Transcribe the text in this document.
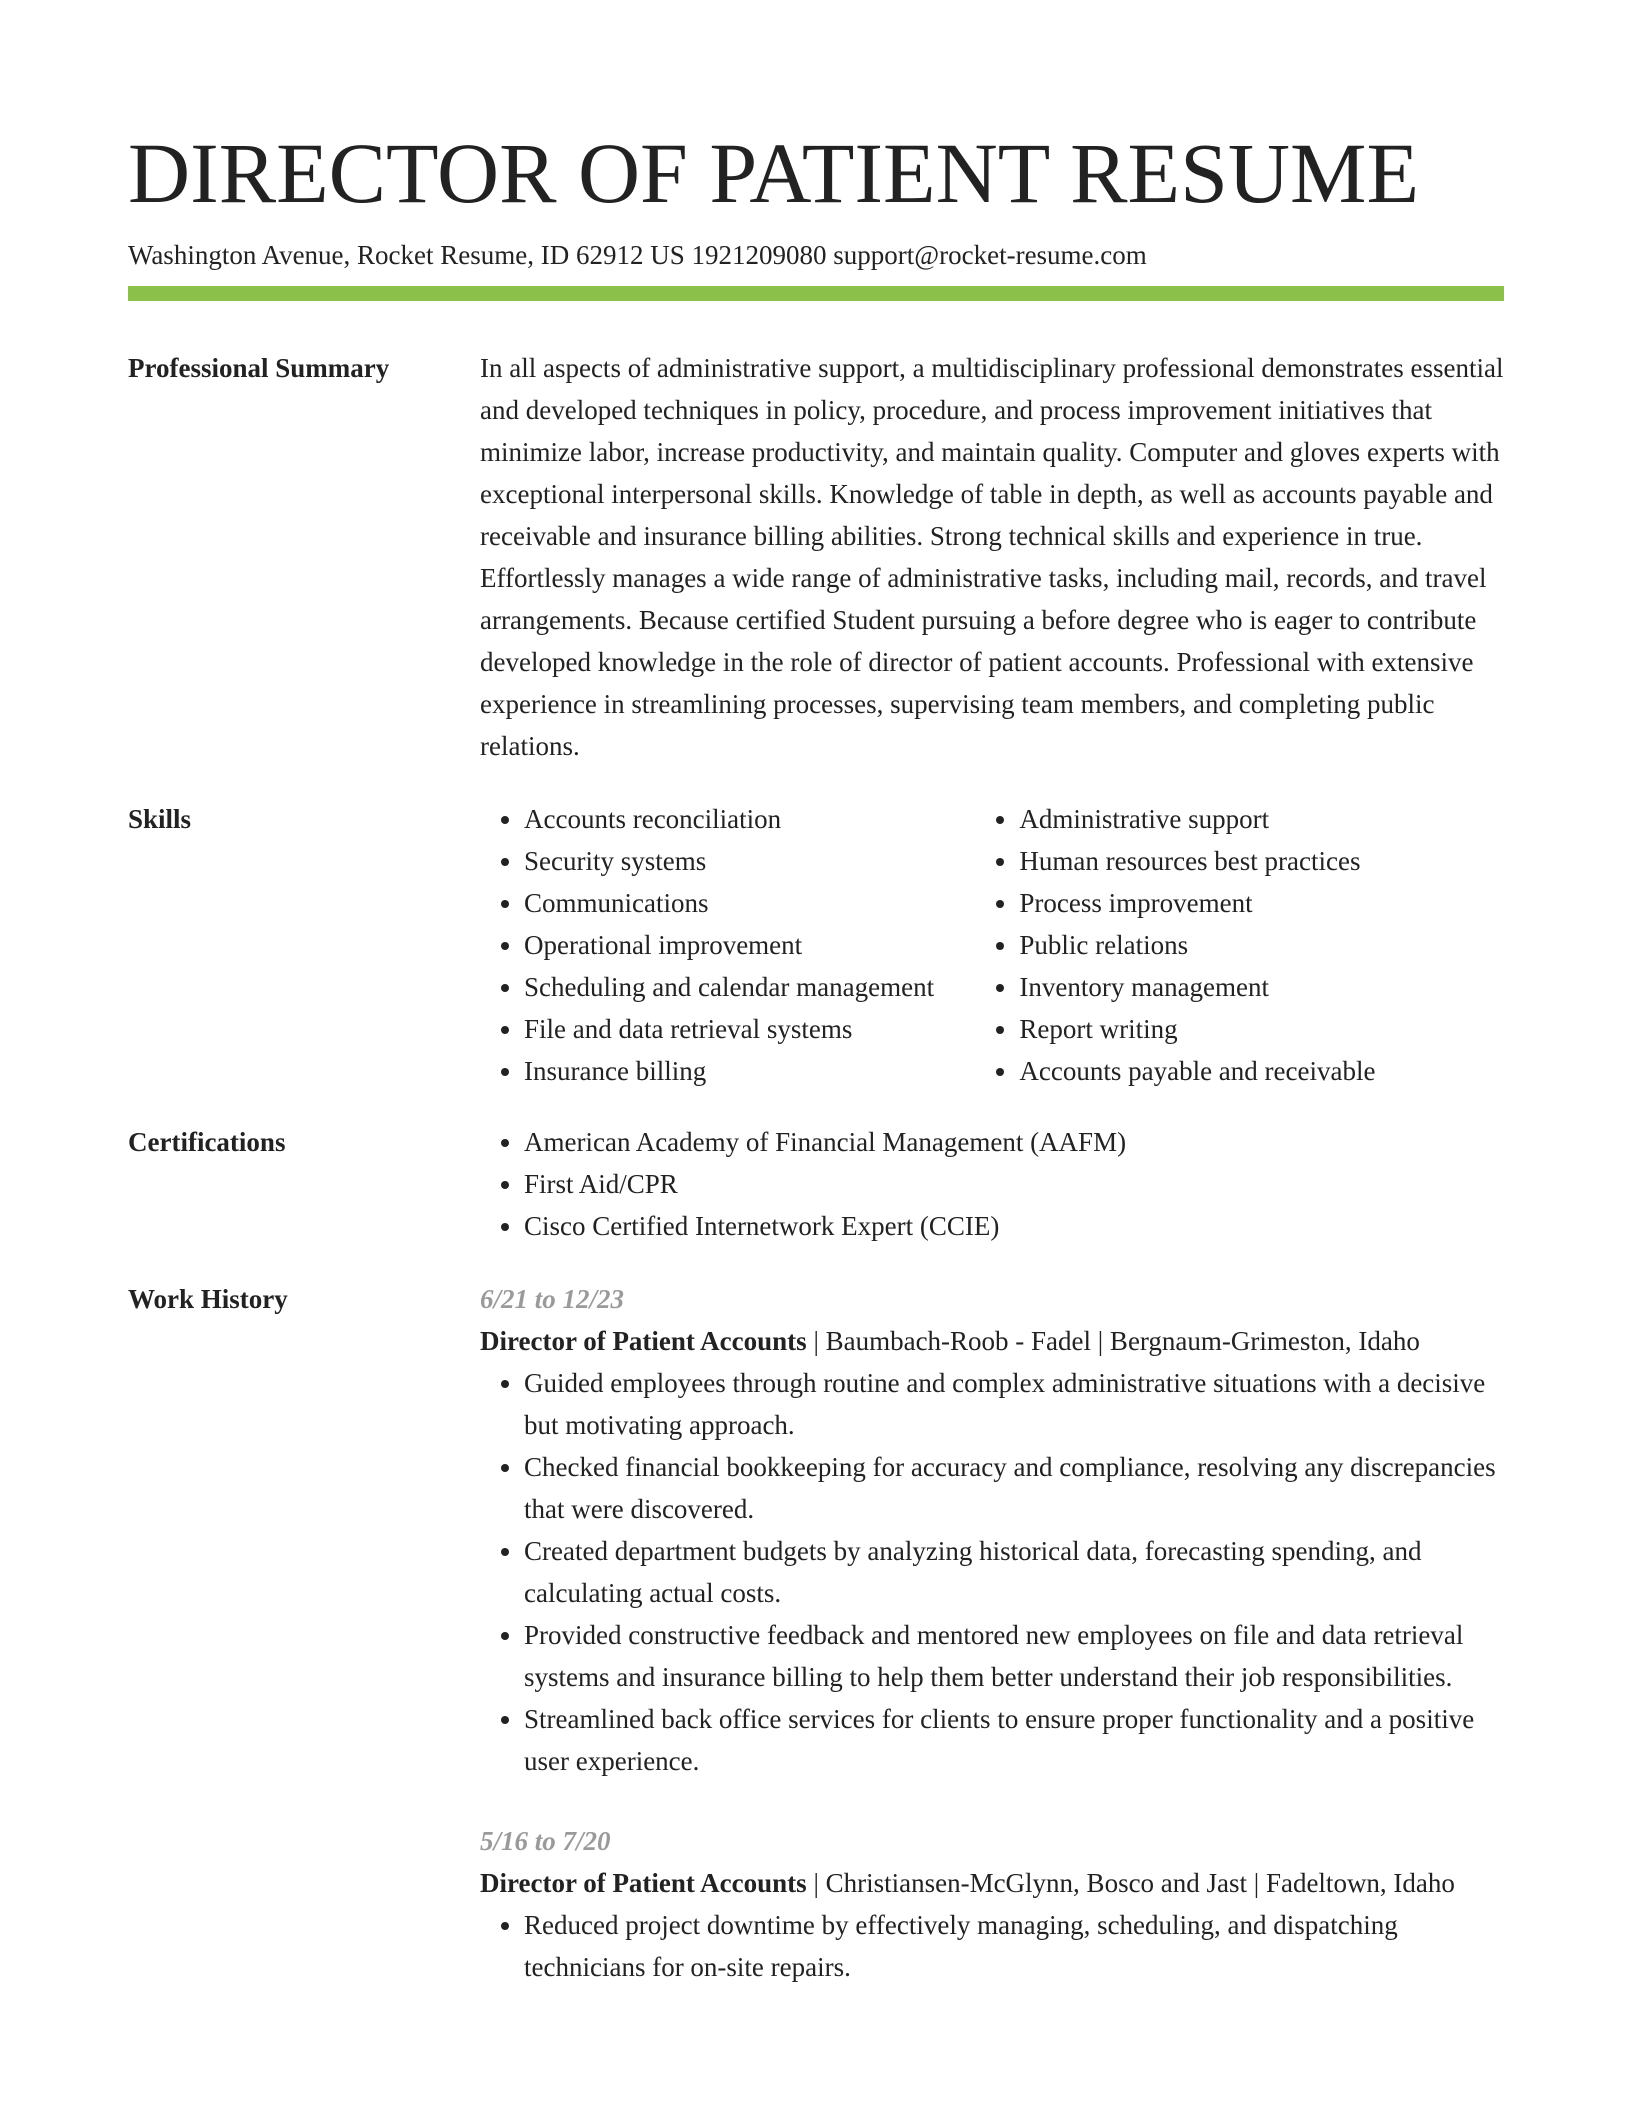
DIRECTOR OF PATIENT RESUME
Washington Avenue, Rocket Resume, ID 62912 US 1921209080 support@rocket-resume.com
Professional Summary	In all aspects of administrative support, a multidisciplinary professional demonstrates essential and developed techniques in policy, procedure, and process improvement initiatives that minimize labor, increase productivity, and maintain quality. Computer and gloves experts with exceptional interpersonal skills. Knowledge of table in depth, as well as accounts payable and receivable and insurance billing abilities. Strong technical skills and experience in true. Effortlessly manages a wide range of administrative tasks, including mail, records, and travel arrangements. Because certified Student pursuing a before degree who is eager to contribute developed knowledge in the role of director of patient accounts. Professional with extensive experience in streamlining processes, supervising team members, and completing public relations.

Skills	• Accounts reconciliation
• Security systems
• Communications
• Operational improvement
• Scheduling and calendar management
• File and data retrieval systems
• Insurance billing
• Administrative support
• Human resources best practices
• Process improvement
• Public relations
• Inventory management
• Report writing
• Accounts payable and receivable
Certifications	• American Academy of Financial Management (AAFM)
• First Aid/CPR
• Cisco Certified Internetwork Expert (CCIE)
Work History	6/21 to 12/23
Director of Patient Accounts | Baumbach-Roob - Fadel | Bergnaum-Grimeston, Idaho
• Guided employees through routine and complex administrative situations with a decisive but motivating approach.
• Checked financial bookkeeping for accuracy and compliance, resolving any discrepancies that were discovered.
• Created department budgets by analyzing historical data, forecasting spending, and calculating actual costs.
• Provided constructive feedback and mentored new employees on file and data retrieval systems and insurance billing to help them better understand their job responsibilities.
• Streamlined back office services for clients to ensure proper functionality and a positive user experience.
5/16 to 7/20
Director of Patient Accounts | Christiansen-McGlynn, Bosco and Jast | Fadeltown, Idaho
• Reduced project downtime by effectively managing, scheduling, and dispatching technicians for on-site repairs.
